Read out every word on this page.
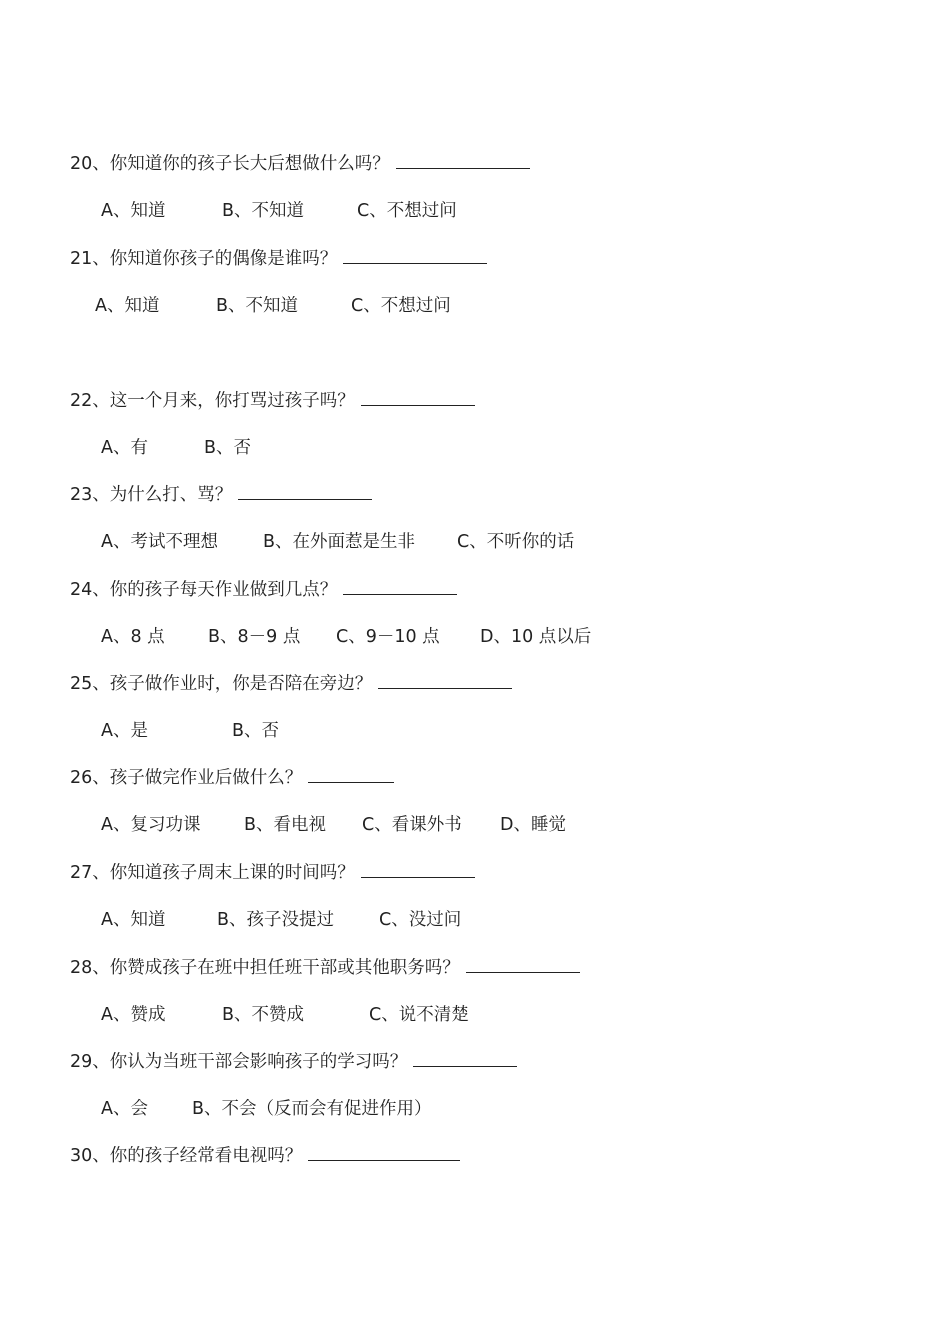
20、你知道你的孩子长大后想做什么吗？
A、知道	B、不知道	C、不想过问
21、你知道你孩子的偶像是谁吗？
A、知道	B、不知道	C、不想过问
22、这一个月来，你打骂过孩子吗？
A、有	B、否
23、为什么打、骂？
A、考试不理想	B、在外面惹是生非 C、不听你的话
24、你的孩子每天作业做到几点？
A、8 点 B、8－9 点 C、9－10 点 D、10 点以后
25、孩子做作业时，你是否陪在旁边？
A、是	B、否
26、孩子做完作业后做什么？
A、复习功课 B、看电视 C、看课外书 D、睡觉
27、你知道孩子周末上课的时间吗？
A、知道	B、孩子没提过	C、没过问
28、你赞成孩子在班中担任班干部或其他职务吗？
A、赞成	B、不赞成	C、说不清楚
29、你认为当班干部会影响孩子的学习吗？
A、会	B、不会（反而会有促进作用）
30、你的孩子经常看电视吗？
